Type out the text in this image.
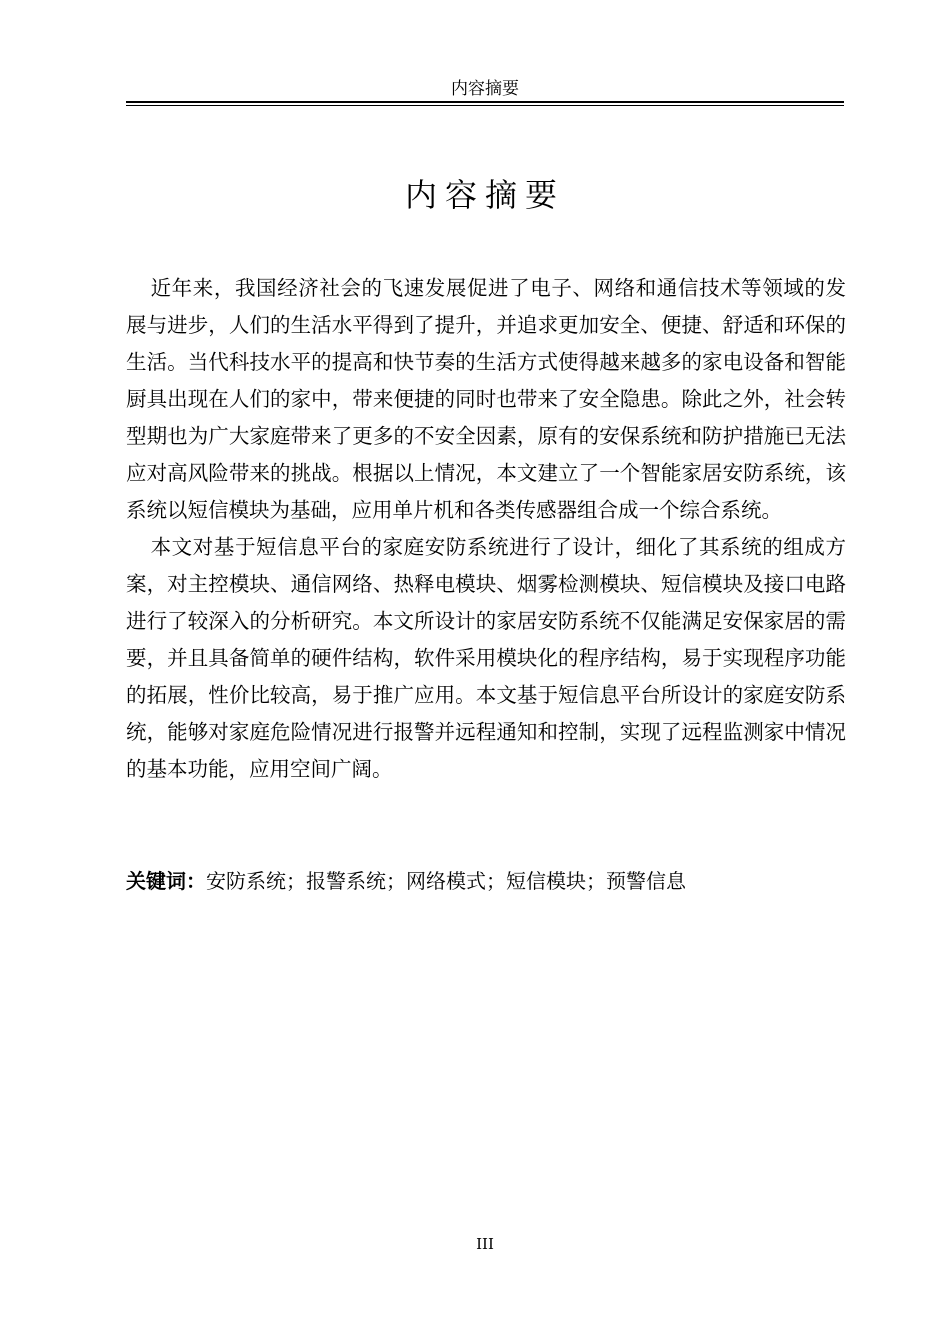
内容摘要
内容摘要

近年来，我国经济社会的飞速发展促进了电子、网络和通信技术等领域的发展与进步，人们的生活水平得到了提升，并追求更加安全、便捷、舒适和环保的生活。当代科技水平的提高和快节奏的生活方式使得越来越多的家电设备和智能厨具出现在人们的家中，带来便捷的同时也带来了安全隐患。除此之外，社会转型期也为广大家庭带来了更多的不安全因素，原有的安保系统和防护措施已无法应对高风险带来的挑战。根据以上情况，本文建立了一个智能家居安防系统，该系统以短信模块为基础，应用单片机和各类传感器组合成一个综合系统。

本文对基于短信息平台的家庭安防系统进行了设计，细化了其系统的组成方案，对主控模块、通信网络、热释电模块、烟雾检测模块、短信模块及接口电路进行了较深入的分析研究。本文所设计的家居安防系统不仅能满足安保家居的需要，并且具备简单的硬件结构，软件采用模块化的程序结构，易于实现程序功能的拓展，性价比较高，易于推广应用。本文基于短信息平台所设计的家庭安防系统，能够对家庭危险情况进行报警并远程通知和控制，实现了远程监测家中情况的基本功能，应用空间广阔。

关键词：安防系统；报警系统；网络模式；短信模块；预警信息
III
